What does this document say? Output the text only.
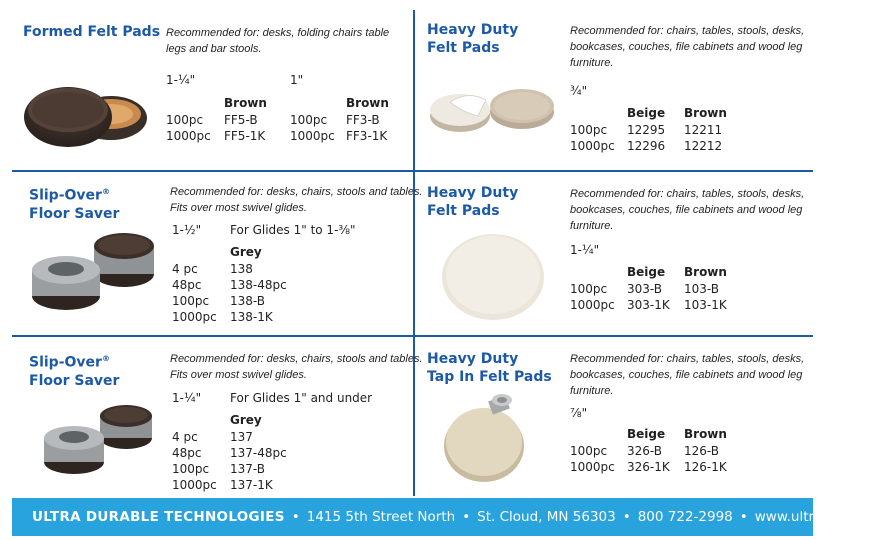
Formed Felt Pads Recommended for: desks, folding chairs table legs and bar stools.
1-¼"	1"
Brown	Brown
100pc FF5-B	100pc FF3-B
1000pc FF5-1K 1000pc FF3-1K
Slip-Over®
Floor Saver
Recommended for: desks, chairs, stools and tables.
Fits over most swivel glides.
1-½" For Glides 1" to 1-⅜"
Grey
4 pc	138
48pc 138-48pc
100pc 138-B
1000pc 138-1K
Slip-Over®
Floor Saver
Recommended for: desks, chairs, stools and tables.
Fits over most swivel glides.
1-¼" For Glides 1" and under
Grey
4 pc	137
48pc 137-48pc
100pc 137-B
1000pc 137-1K
Heavy Duty
Felt Pads
Recommended for: chairs, tables, stools, desks, bookcases, couches, file cabinets and wood leg furniture.
¾"
Beige Brown
100pc 12295 12211
1000pc 12296 12212
Heavy Duty
Felt Pads
Recommended for: chairs, tables, stools, desks, bookcases, couches, file cabinets and wood leg furniture.
1-¼"
Beige Brown
100pc 303-B 103-B
1000pc 303-1K 103-1K
Heavy Duty
Tap In Felt Pads
Recommended for: chairs, tables, stools, desks, bookcases, couches, file cabinets and wood leg furniture.
⅞"
Beige Brown
100pc 326-B 126-B
1000pc 326-1K 126-1K
ULTRA DURABLE TECHNOLOGIES • 1415 5th Street North • St. Cloud, MN 56303 • 800 722-2998 • www.ultraDT.com
